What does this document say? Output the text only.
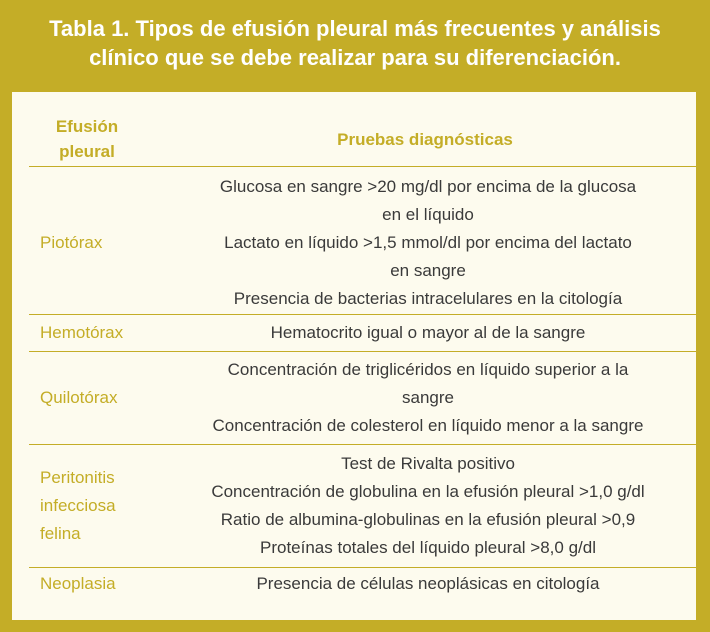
Tabla 1. Tipos de efusión pleural más frecuentes y análisis
clínico que se debe realizar para su diferenciación.
Efusión
pleural
Pruebas diagnósticas
Piotórax
Glucosa en sangre >20 mg/dl por encima de la glucosa
en el líquido
Lactato en líquido >1,5 mmol/dl por encima del lactato
en sangre
Presencia de bacterias intracelulares en la citología
Hemotórax	Hematocrito igual o mayor al de la sangre
Quilotórax
Concentración de triglicéridos en líquido superior a la
sangre
Concentración de colesterol en líquido menor a la sangre
Peritonitis
infecciosa
felina
Test de Rivalta positivo
Concentración de globulina en la efusión pleural >1,0 g/dl
Ratio de albumina-globulinas en la efusión pleural >0,9
Proteínas totales del líquido pleural >8,0 g/dl
Neoplasia	Presencia de células neoplásicas en citología
